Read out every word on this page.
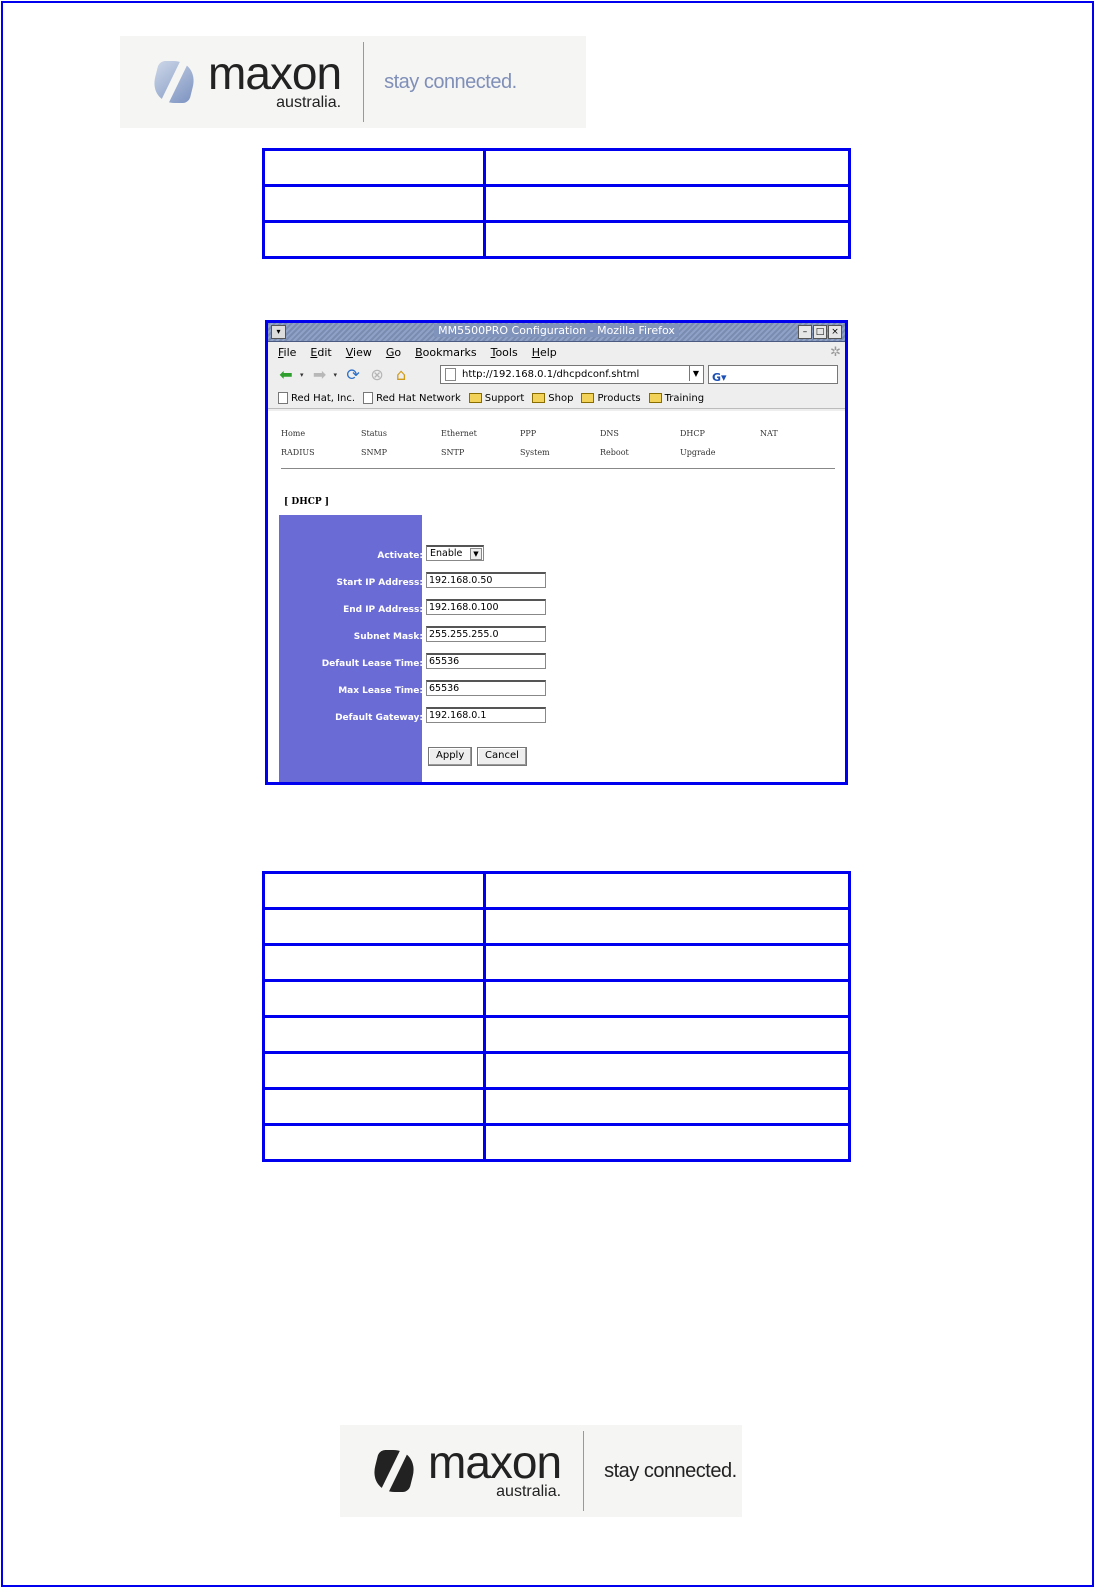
maxon
australia.
stay connected.

▾	MM5500PRO Configuration - Mozilla Firefox	– □ ×
File Edit View Go Bookmarks Tools Help	✲
⬅	▾ ➡	▾ ⟳ ⊗ ⌂
http://192.168.0.1/dhcpdconf.shtml	▼	G▾
Red Hat, Inc. Red Hat Network Support Shop Products Training
Home	Status	Ethernet	PPP	DNS	DHCP	NAT
RADIUS	SNMP	SNTP	System	Reboot	Upgrade
[ DHCP ]
Activate: Enable	▼
Start IP Address:
192.168.0.50
End IP Address:
192.168.0.100
Subnet Mask:
255.255.255.0
Default Lease Time:
65536
Max Lease Time:
65536
Default Gateway:
192.168.0.1
Apply	Cancel

maxon
australia.
stay connected.
